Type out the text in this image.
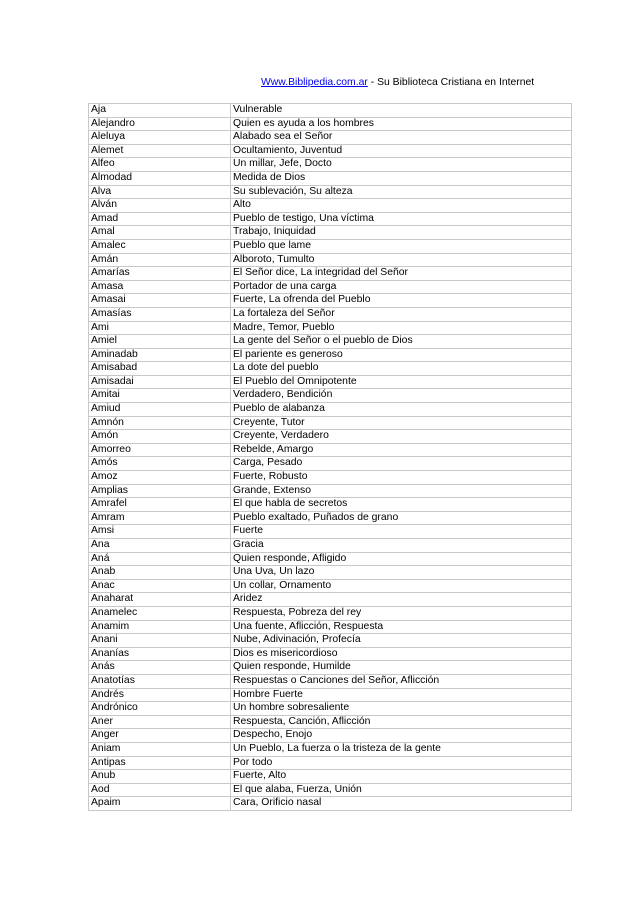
Www.Biblipedia.com.ar - Su Biblioteca Cristiana en Internet
Aja	Vulnerable
Alejandro	Quien es ayuda a los hombres
Aleluya	Alabado sea el Señor
Alemet	Ocultamiento, Juventud
Alfeo	Un millar, Jefe, Docto
Almodad	Medida de Dios
Alva	Su sublevación, Su alteza
Alván	Alto
Amad	Pueblo de testigo, Una víctima
Amal	Trabajo, Iniquidad
Amalec	Pueblo que lame
Amán	Alboroto, Tumulto
Amarías	El Señor dice, La integridad del Señor
Amasa	Portador de una carga
Amasai	Fuerte, La ofrenda del Pueblo
Amasías	La fortaleza del Señor
Ami	Madre, Temor, Pueblo
Amiel	La gente del Señor o el pueblo de Dios
Aminadab	El pariente es generoso
Amisabad	La dote del pueblo
Amisadai	El Pueblo del Omnipotente
Amitai	Verdadero, Bendición
Amiud	Pueblo de alabanza
Amnón	Creyente, Tutor
Amón	Creyente, Verdadero
Amorreo	Rebelde, Amargo
Amós	Carga, Pesado
Amoz	Fuerte, Robusto
Amplias	Grande, Extenso
Amrafel	El que habla de secretos
Amram	Pueblo exaltado, Puñados de grano
Amsi	Fuerte
Ana	Gracia
Aná	Quien responde, Afligido
Anab	Una Uva, Un lazo
Anac	Un collar, Ornamento
Anaharat	Aridez
Anamelec	Respuesta, Pobreza del rey
Anamim	Una fuente, Aflicción, Respuesta
Anani	Nube, Adivinación, Profecía
Ananías	Dios es misericordioso
Anás	Quien responde, Humilde
Anatotías	Respuestas o Canciones del Señor, Aflicción
Andrés	Hombre Fuerte
Andrónico	Un hombre sobresaliente
Aner	Respuesta, Canción, Aflicción
Anger	Despecho, Enojo
Aniam	Un Pueblo, La fuerza o la tristeza de la gente
Antipas	Por todo
Anub	Fuerte, Alto
Aod	El que alaba, Fuerza, Unión
Apaim	Cara, Orificio nasal
